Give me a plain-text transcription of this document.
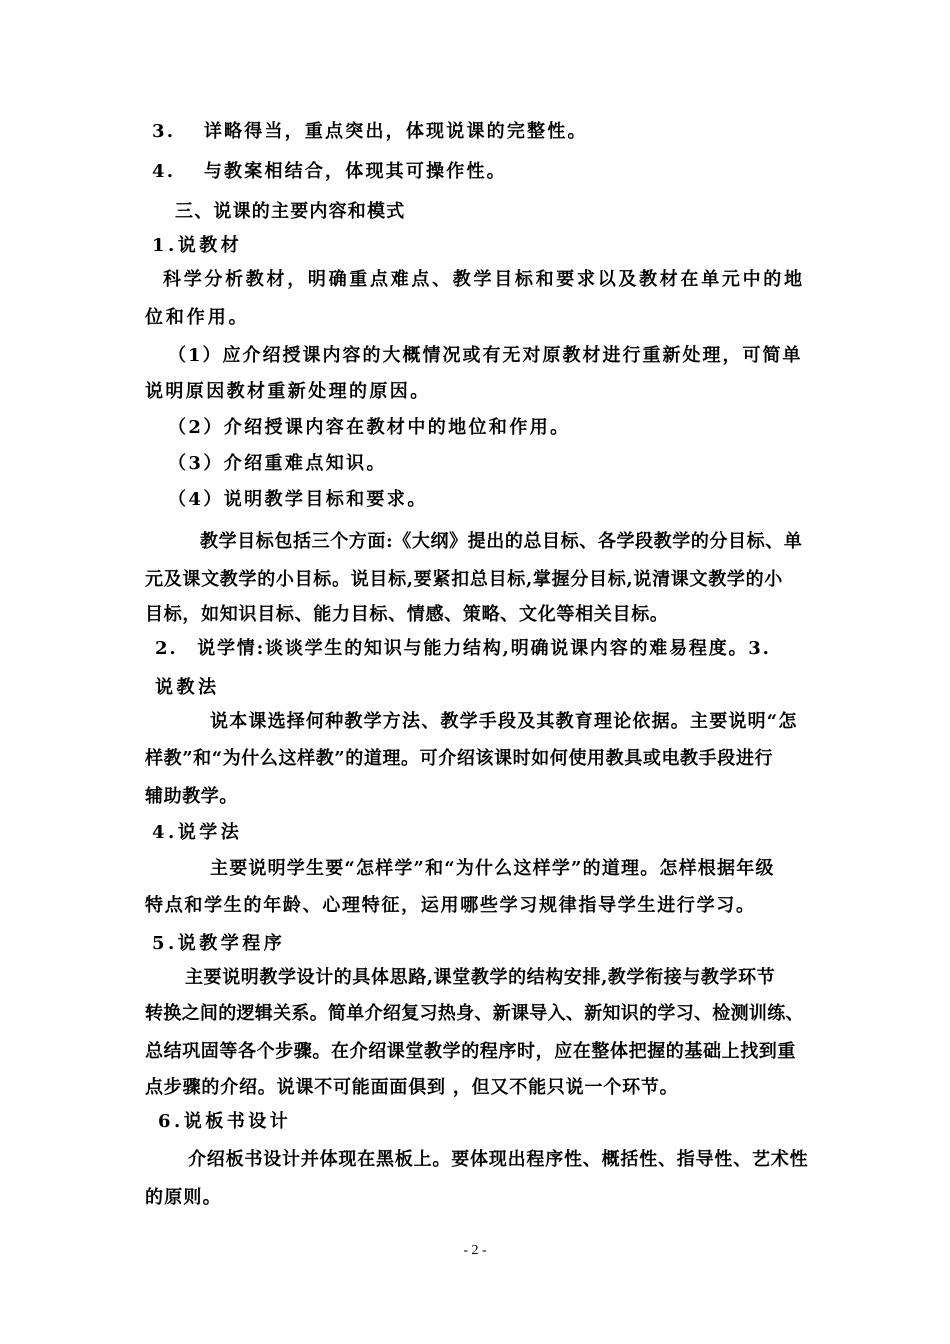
3.　 详略得当，重点突出，体现说课的完整性。

4.　 与教案相结合，体现其可操作性。

三、说课的主要内容和模式

1.说教材

科学分析教材，明确重点难点、教学目标和要求以及教材在单元中的地

位和作用。

（1）应介绍授课内容的大概情况或有无对原教材进行重新处理，可简单

说明原因教材重新处理的原因。

（2）介绍授课内容在教材中的地位和作用。

（3）介绍重难点知识。

（4）说明教学目标和要求。

教学目标包括三个方面:《大纲》提出的总目标、各学段教学的分目标、单

元及课文教学的小目标。说目标,要紧扣总目标,掌握分目标,说清课文教学的小

目标，如知识目标、能力目标、情感、策略、文化等相关目标。

2.　说学情:谈谈学生的知识与能力结构,明确说课内容的难易程度。3.

说教法

说本课选择何种教学方法、教学手段及其教育理论依据。主要说明“怎

样教”和“为什么这样教”的道理。可介绍该课时如何使用教具或电教手段进行

辅助教学。

4.说学法

主要说明学生要“怎样学”和“为什么这样学”的道理。怎样根据年级

特点和学生的年龄、心理特征，运用哪些学习规律指导学生进行学习。

5.说教学程序

主要说明教学设计的具体思路,课堂教学的结构安排,教学衔接与教学环节

转换之间的逻辑关系。简单介绍复习热身、新课导入、新知识的学习、检测训练、

总结巩固等各个步骤。在介绍课堂教学的程序时，应在整体把握的基础上找到重

点步骤的介绍。说课不可能面面俱到 ，但又不能只说一个环节。

6.说板书设计

介绍板书设计并体现在黑板上。要体现出程序性、概括性、指导性、艺术性

的原则。

- 2 -
